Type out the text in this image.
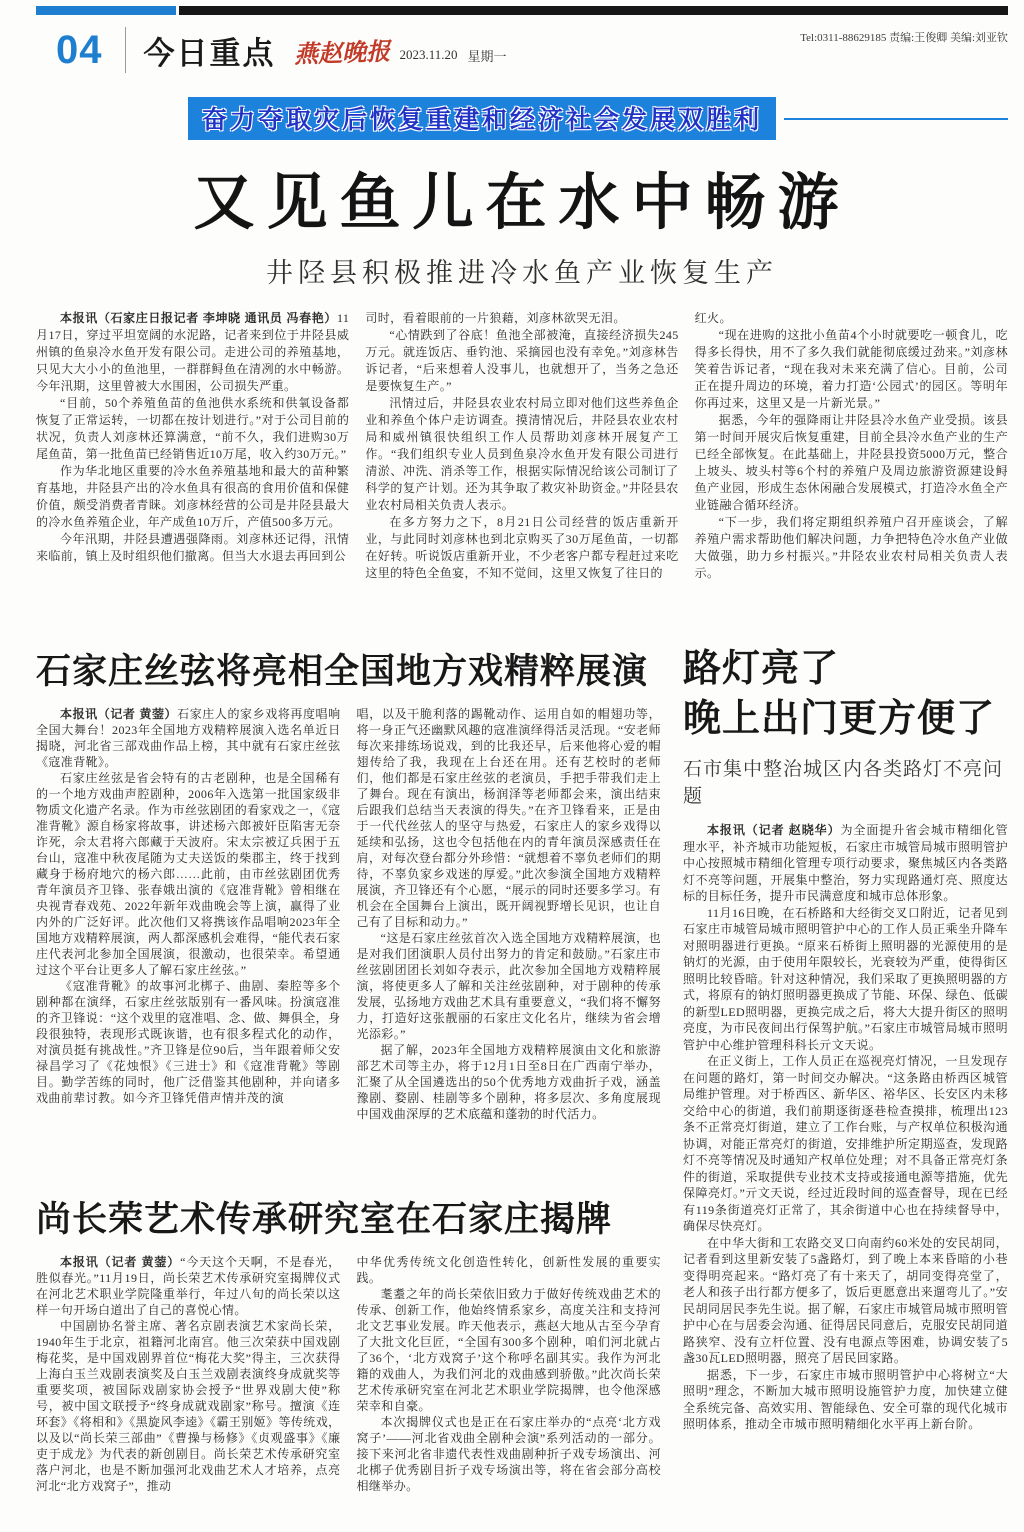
04 今日重点 燕赵晚报 2023.11.20 星期一
Tel:0311-88629185 责编:王俊卿 美编:刘亚钦
奋力夺取灾后恢复重建和经济社会发展双胜利
又见鱼儿在水中畅游
井陉县积极推进冷水鱼产业恢复生产

本报讯（石家庄日报记者 李坤晓 通讯员 冯春艳）11月17日，穿过平坦宽阔的水泥路，记者来到位于井陉县威州镇的鱼泉冷水鱼开发有限公司。走进公司的养殖基地，只见大大小小的鱼池里，一群群鲟鱼在清冽的水中畅游。今年汛期，这里曾被大水围困，公司损失严重。

“目前，50个养殖鱼苗的鱼池供水系统和供氧设备都恢复了正常运转，一切都在按计划进行。”对于公司目前的状况，负责人刘彦林还算满意，“前不久，我们进购30万尾鱼苗，第一批鱼苗已经销售近10万尾，收入约30万元。”

作为华北地区重要的冷水鱼养殖基地和最大的苗种繁育基地，井陉县产出的冷水鱼具有很高的食用价值和保健价值，颇受消费者青睐。刘彦林经营的公司是井陉县最大的冷水鱼养殖企业，年产成鱼10万斤，产值500多万元。

今年汛期，井陉县遭遇强降雨。刘彦林还记得，汛情来临前，镇上及时组织他们撤离。但当大水退去再回到公

司时，看着眼前的一片狼藉，刘彦林欲哭无泪。

“心情跌到了谷底！鱼池全部被淹，直接经济损失245万元。就连饭店、垂钓池、采摘园也没有幸免。”刘彦林告诉记者，“后来想着人没事儿，也就想开了，当务之急还是要恢复生产。”

汛情过后，井陉县农业农村局立即对他们这些养鱼企业和养鱼个体户走访调查。摸清情况后，井陉县农业农村局和威州镇很快组织工作人员帮助刘彦林开展复产工作。“我们组织专业人员到鱼泉冷水鱼开发有限公司进行清淤、冲洗、消杀等工作，根据实际情况给该公司制订了科学的复产计划。还为其争取了救灾补助资金。”井陉县农业农村局相关负责人表示。

在多方努力之下，8月21日公司经营的饭店重新开业，与此同时刘彦林也到北京购买了30万尾鱼苗，一切都在好转。听说饭店重新开业，不少老客户都专程赶过来吃这里的特色全鱼宴，不知不觉间，这里又恢复了往日的

红火。

“现在进购的这批小鱼苗4个小时就要吃一顿食儿，吃得多长得快，用不了多久我们就能彻底缓过劲来。”刘彦林笑着告诉记者，“现在我对未来充满了信心。目前，公司正在提升周边的环境，着力打造‘公园式’的园区。等明年你再过来，这里又是一片新光景。”

据悉，今年的强降雨让井陉县冷水鱼产业受损。该县第一时间开展灾后恢复重建，目前全县冷水鱼产业的生产已经全部恢复。在此基础上，井陉县投资5000万元，整合上坡头、坡头村等6个村的养殖户及周边旅游资源建设鲟鱼产业园，形成生态休闲融合发展模式，打造冷水鱼全产业链融合循环经济。

“下一步，我们将定期组织养殖户召开座谈会，了解养殖户需求帮助他们解决问题，力争把特色冷水鱼产业做大做强，助力乡村振兴。”井陉农业农村局相关负责人表示。

石家庄丝弦将亮相全国地方戏精粹展演

本报讯（记者 黄蓥）石家庄人的家乡戏将再度唱响全国大舞台！2023年全国地方戏精粹展演入选名单近日揭晓，河北省三部戏曲作品上榜，其中就有石家庄丝弦《寇准背靴》。

石家庄丝弦是省会特有的古老剧种，也是全国稀有的一个地方戏曲声腔剧种，2006年入选第一批国家级非物质文化遗产名录。作为市丝弦剧团的看家戏之一，《寇准背靴》源自杨家将故事，讲述杨六郎被奸臣陷害无奈诈死，佘太君将六郎藏于天波府。宋太宗被辽兵困于五台山，寇准中秋夜尾随为丈夫送饭的柴郡主，终于找到藏身于杨府地穴的杨六郎……此前，由市丝弦剧团优秀青年演员齐卫锋、张春娥出演的《寇准背靴》曾相继在央视青春戏苑、2022年新年戏曲晚会等上演，赢得了业内外的广泛好评。此次他们又将携该作品唱响2023年全国地方戏精粹展演，两人都深感机会难得，“能代表石家庄代表河北参加全国展演，很激动，也很荣幸。希望通过这个平台让更多人了解石家庄丝弦。”

《寇准背靴》的故事河北梆子、曲剧、秦腔等多个剧种都在演绎，石家庄丝弦版别有一番风味。扮演寇准的齐卫锋说：“这个戏里的寇准唱、念、做、舞俱全，身段很独特，表现形式既诙谐，也有很多程式化的动作，对演员挺有挑战性。”齐卫锋是位90后，当年跟着师父安禄昌学习了《花烛恨》《三进士》和《寇准背靴》等剧目。勤学苦练的同时，他广泛借鉴其他剧种，并向诸多戏曲前辈讨教。如今齐卫锋凭借声情并茂的演

唱，以及干脆利落的踢靴动作、运用自如的帽翅功等，将一身正气还幽默风趣的寇准演绎得活灵活现。“安老师每次来排练场说戏，到的比我还早，后来他将心爱的帽翅传给了我，我现在上台还在用。还有艺校时的老师们，他们都是石家庄丝弦的老演员，手把手带我们走上了舞台。现在有演出，杨润泽等老师都会来，演出结束后跟我们总结当天表演的得失。”在齐卫锋看来，正是由于一代代丝弦人的坚守与热爱，石家庄人的家乡戏得以延续和弘扬，这也令包括他在内的青年演员深感责任在肩，对每次登台都分外珍惜：“就想着不辜负老师们的期待，不辜负家乡戏迷的厚爱。”此次参演全国地方戏精粹展演，齐卫锋还有个心愿，“展示的同时还要多学习。有机会在全国舞台上演出，既开阔视野增长见识，也让自己有了目标和动力。”

“这是石家庄丝弦首次入选全国地方戏精粹展演，也是对我们团演职人员付出努力的肯定和鼓励。”石家庄市丝弦剧团团长刘如夺表示，此次参加全国地方戏精粹展演，将使更多人了解和关注丝弦剧种，对于剧种的传承发展，弘扬地方戏曲艺术具有重要意义，“我们将不懈努力，打造好这张靓丽的石家庄文化名片，继续为省会增光添彩。”

据了解，2023年全国地方戏精粹展演由文化和旅游部艺术司等主办，将于12月1日至8日在广西南宁举办，汇聚了从全国遴选出的50个优秀地方戏曲折子戏，涵盖豫剧、婺剧、桂剧等多个剧种，将多层次、多角度展现中国戏曲深厚的艺术底蕴和蓬勃的时代活力。

尚长荣艺术传承研究室在石家庄揭牌

本报讯（记者 黄蓥）“今天这个天啊，不是春光，胜似春光。”11月19日，尚长荣艺术传承研究室揭牌仪式在河北艺术职业学院隆重举行，年过八旬的尚长荣以这样一句开场白道出了自己的喜悦心情。

中国剧协名誉主席、著名京剧表演艺术家尚长荣，1940年生于北京，祖籍河北南宫。他三次荣获中国戏剧梅花奖，是中国戏剧界首位“梅花大奖”得主，三次获得上海白玉兰戏剧表演奖及白玉兰戏剧表演终身成就奖等重要奖项，被国际戏剧家协会授予“世界戏剧大使”称号，被中国文联授予“终身成就戏剧家”称号。擅演《连环套》《将相和》《黑旋风李逵》《霸王别姬》等传统戏，以及以“尚长荣三部曲”《曹操与杨修》《贞观盛事》《廉吏于成龙》为代表的新创剧目。尚长荣艺术传承研究室落户河北，也是不断加强河北戏曲艺术人才培养，点亮河北“北方戏窝子”，推动

中华优秀传统文化创造性转化，创新性发展的重要实践。

耄耋之年的尚长荣依旧致力于做好传统戏曲艺术的传承、创新工作，他始终情系家乡，高度关注和支持河北文艺事业发展。昨天他表示，燕赵大地从古至今孕育了大批文化巨匠，“全国有300多个剧种，咱们河北就占了36个，‘北方戏窝子’这个称呼名副其实。我作为河北籍的戏曲人，为我们河北的戏曲感到骄傲。”此次尚长荣艺术传承研究室在河北艺术职业学院揭牌，也令他深感荣幸和自豪。

本次揭牌仪式也是正在石家庄举办的“点亮‘北方戏窝子’——河北省戏曲全剧种会演”系列活动的一部分。接下来河北省非遗代表性戏曲剧种折子戏专场演出、河北梆子优秀剧目折子戏专场演出等，将在省会部分高校相继举办。

路灯亮了
晚上出门更方便了
石市集中整治城区内各类路灯不亮问题

本报讯（记者 赵晓华）为全面提升省会城市精细化管理水平，补齐城市功能短板，石家庄市城管局城市照明管护中心按照城市精细化管理专项行动要求，聚焦城区内各类路灯不亮等问题，开展集中整治，努力实现路通灯亮、照度达标的目标任务，提升市民满意度和城市总体形象。

11月16日晚，在石桥路和大经街交叉口附近，记者见到石家庄市城管局城市照明管护中心的工作人员正乘坐升降车对照明器进行更换。“原来石桥街上照明器的光源使用的是钠灯的光源，由于使用年限较长，光衰较为严重，使得街区照明比较昏暗。针对这种情况，我们采取了更换照明器的方式，将原有的钠灯照明器更换成了节能、环保、绿色、低碳的新型LED照明器，更换完成之后，将大大提升街区的照明亮度，为市民夜间出行保驾护航。”石家庄市城管局城市照明管护中心维护管理科科长亓文天说。

在正义街上，工作人员正在巡视亮灯情况，一旦发现存在问题的路灯，第一时间交办解决。“这条路由桥西区城管局维护管理。对于桥西区、新华区、裕华区、长安区内未移交给中心的街道，我们前期逐街逐巷检查摸排，梳理出123条不正常亮灯街道，建立了工作台账，与产权单位积极沟通协调，对能正常亮灯的街道，安排维护所定期巡查，发现路灯不亮等情况及时通知产权单位处理；对不具备正常亮灯条件的街道，采取提供专业技术支持或接通电源等措施，优先保障亮灯。”亓文天说，经过近段时间的巡查督导，现在已经有119条街道亮灯正常了，其余街道中心也在持续督导中，确保尽快亮灯。

在中华大街和工农路交叉口向南约60米处的安民胡同，记者看到这里新安装了5盏路灯，到了晚上本来昏暗的小巷变得明亮起来。“路灯亮了有十来天了，胡同变得亮堂了，老人和孩子出行都方便多了，饭后更愿意出来遛弯儿了。”安民胡同居民李先生说。据了解，石家庄市城管局城市照明管护中心在与居委会沟通、征得居民同意后，克服安民胡同道路狭窄、没有立杆位置、没有电源点等困难，协调安装了5盏30瓦LED照明器，照亮了居民回家路。

据悉，下一步，石家庄市城市照明管护中心将树立“大照明”理念，不断加大城市照明设施管护力度，加快建立健全系统完备、高效实用、智能绿色、安全可靠的现代化城市照明体系，推动全市城市照明精细化水平再上新台阶。
